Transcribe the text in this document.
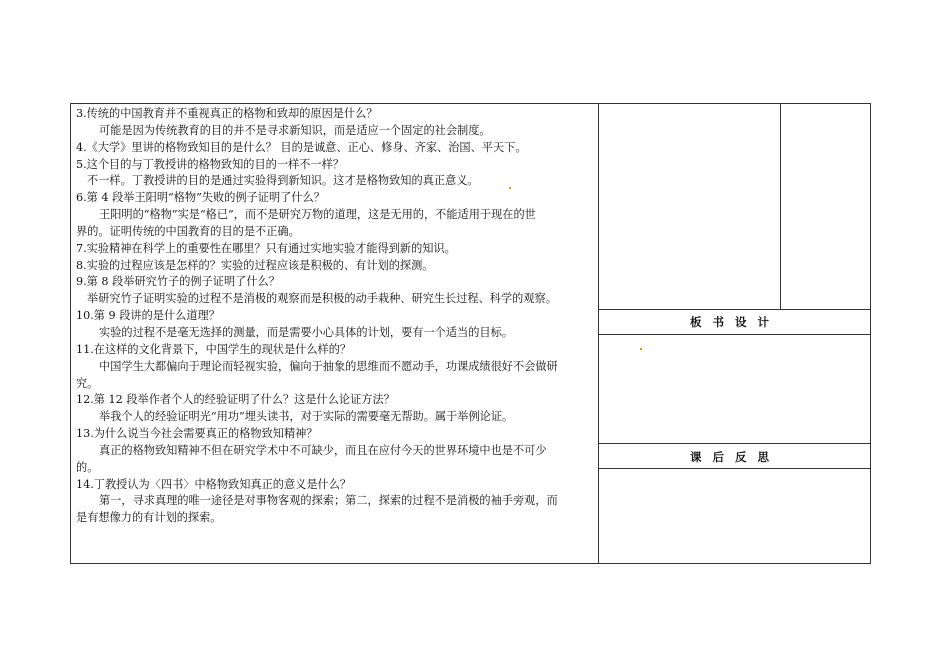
板书设计
课后反思
3.传统的中国教育并不重视真正的格物和致却的原因是什么？
可能是因为传统教育的目的并不是寻求新知识，而是适应一个固定的社会制度。
4.《大学》里讲的格物致知目的是什么？ 目的是诚意、正心、修身、齐家、治国、平天下。
5.这个目的与丁教授讲的格物致知的目的一样不一样？
不一样。丁教授讲的目的是通过实验得到新知识。这才是格物致知的真正意义。
6.第 4 段举王阳明“格物”失败的例子证明了什么？
王阳明的“格物”实是“格已”，而不是研究万物的道理，这是无用的，不能适用于现在的世
界的。证明传统的中国教育的目的是不正确。
7.实验精神在科学上的重要性在哪里？只有通过实地实验才能得到新的知识。
8.实验的过程应该是怎样的？实验的过程应该是积极的、有计划的探测。
9.第 8 段举研究竹子的例子证明了什么？
举研究竹子证明实验的过程不是消极的观察而是积极的动手栽种、研究生长过程、科学的观察。
10.第 9 段讲的是什么道理？
实验的过程不是毫无选择的测量，而是需要小心具体的计划，要有一个适当的目标。
11.在这样的文化背景下，中国学生的现状是什么样的？
中国学生大都偏向于理论而轻视实验，偏向于抽象的思维而不愿动手，功课成绩很好不会做研
究。
12.第 12 段举作者个人的经验证明了什么？这是什么论证方法？
举我个人的经验证明光“用功”埋头读书，对于实际的需要毫无帮助。属于举例论证。
13.为什么说当今社会需要真正的格物致知精神？
真正的格物致知精神不但在研究学术中不可缺少，而且在应付今天的世界环境中也是不可少
的。
14.丁教授认为〈四书〉中格物致知真正的意义是什么？
第一，寻求真理的唯一途径是对事物客观的探索；第二，探索的过程不是消极的袖手旁观，而
是有想像力的有计划的探索。
